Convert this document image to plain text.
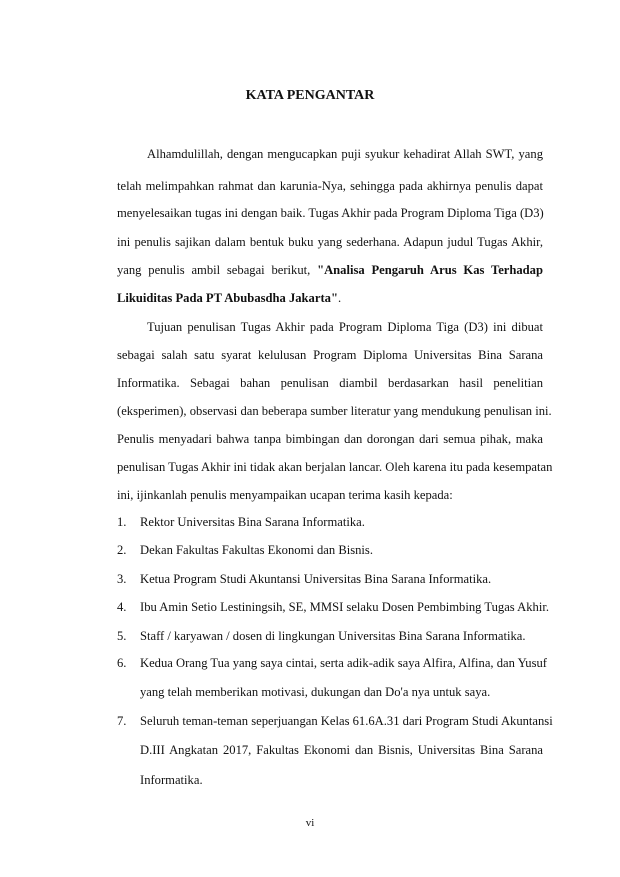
KATA PENGANTAR
Alhamdulillah, dengan mengucapkan puji syukur kehadirat Allah SWT, yang
telah melimpahkan rahmat dan karunia-Nya, sehingga pada akhirnya penulis dapat
menyelesaikan tugas ini dengan baik. Tugas Akhir pada Program Diploma Tiga (D3)
ini penulis sajikan dalam bentuk buku yang sederhana. Adapun judul Tugas Akhir,
yang penulis ambil sebagai berikut, "Analisa Pengaruh Arus Kas Terhadap
Likuiditas Pada PT Abubasdha Jakarta".
Tujuan penulisan Tugas Akhir pada Program Diploma Tiga (D3) ini dibuat
sebagai salah satu syarat kelulusan Program Diploma Universitas Bina Sarana
Informatika. Sebagai bahan penulisan diambil berdasarkan hasil penelitian
(eksperimen), observasi dan beberapa sumber literatur yang mendukung penulisan ini.
Penulis menyadari bahwa tanpa bimbingan dan dorongan dari semua pihak, maka
penulisan Tugas Akhir ini tidak akan berjalan lancar. Oleh karena itu pada kesempatan
ini, ijinkanlah penulis menyampaikan ucapan terima kasih kepada:
1. Rektor Universitas Bina Sarana Informatika.
2. Dekan Fakultas Fakultas Ekonomi dan Bisnis.
3. Ketua Program Studi Akuntansi Universitas Bina Sarana Informatika.
4. Ibu Amin Setio Lestiningsih, SE, MMSI selaku Dosen Pembimbing Tugas Akhir.
5. Staff / karyawan / dosen di lingkungan Universitas Bina Sarana Informatika.
6. Kedua Orang Tua yang saya cintai, serta adik-adik saya Alfira, Alfina, dan Yusuf
yang telah memberikan motivasi, dukungan dan Do'a nya untuk saya.
7. Seluruh teman-teman seperjuangan Kelas 61.6A.31 dari Program Studi Akuntansi
D.III Angkatan 2017, Fakultas Ekonomi dan Bisnis, Universitas Bina Sarana
Informatika.
vi
